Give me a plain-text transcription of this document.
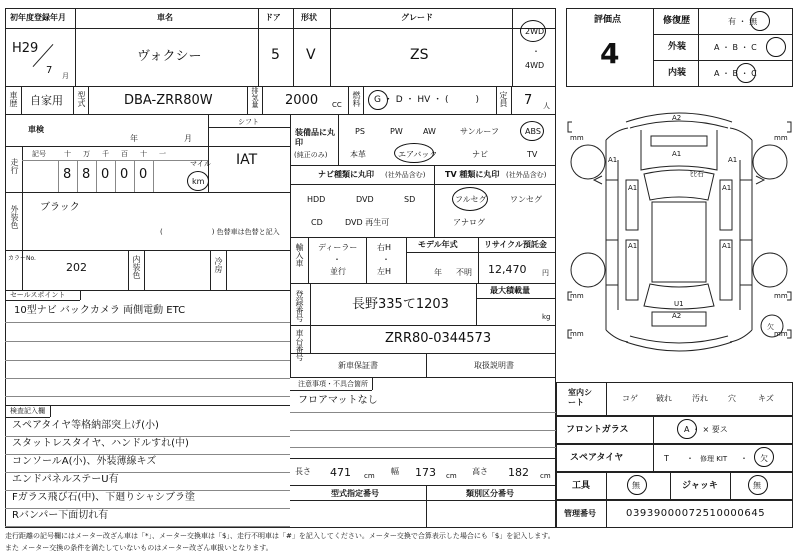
初年度登録年月
H29
7 月
車名
ヴォクシー
ドア
5
形状
V
グレード
ZS
2WD
4WD
・
車歴 自家用 型式	DBA-ZRR80W	排気量 2000 CC 燃料 G ・ D ・ HV ・ (　　　) 定員 7 人
車検
年	月
シフト
IAT
走行
記号	十 万 千 百 十 一
8 8 0 0 0
マイル
km
外装色 ブラック
(　　　　　　　) 色替車は色替と記入
カラーNo.
202	内装色	冷房
セールスポイント
10型ナビ バックカメラ 両側電動 ETC
検査記入欄
スペアタイヤ等格納部突上げ(小)
スタットレスタイヤ、ハンドルすれ(中)
コンソールA(小)、外装薄線キズ
エンドパネルステーU有
Fガラス飛び石(中)、下廻りシャシブラ塗
Rバンパー下面切れ有
装備品に丸印
(純正のみ)
PS	PW	AW	サンルーフ	ABS
本革	エアバック	ナビ	TV
ナビ種類に丸印 (社外品含む) TV 種類に丸印 (社外品含む)
HDD	DVD	SD
CD	DVD 再生可
フルセグ	ワンセグ
アナログ
輸入車 ディーラー
・
並行
右H
・
左H
モデル年式
年 不明
リサイクル預託金
12,470 円
登録番号	長野335て1203
最大積載量
kg
車台番号	ZRR80-0344573
新車保証書	取扱説明書
注意事項・不具合箇所
フロアマットなし
長さ 471 cm 幅 173 cm 高さ 182 cm
型式指定番号	類別区分番号
評価点
4
修復歴	有 ・ 無
外装	A ・ B ・ C
内装	A ・ B ・ C
A2
A1
A1	A1
ﾋﾋ石
A1	A1
A1	A1
U1
A2
欠
mm	mm
mm	mm
mm	mm
室内シート	コゲ 破れ	汚れ	穴	キズ
フロントガラス	A ・ × 要ス
スペアタイヤ	T ・ 修理 KIT ・ 欠
工具	無	ジャッキ	無
管理番号	03939000072510000645
走行距離の記号欄にはメーター改ざん車は「*」、メーター交換車は「$」、走行不明車は「#」を記入してください。メーター交換で合算表示した場合にも「$」を記入します。
また メーター交換の条件を満たしていないものはメーター改ざん車扱いとなります。
